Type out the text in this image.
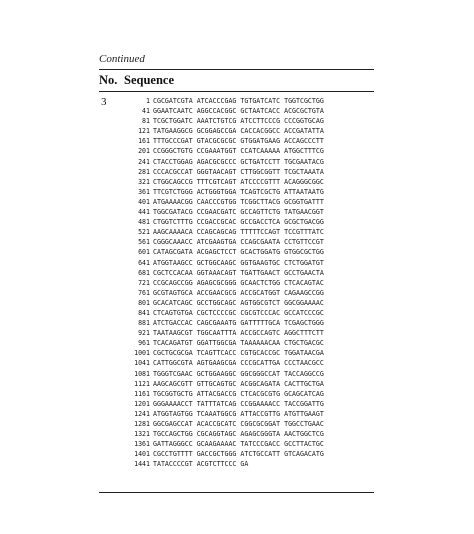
Continued
No. Sequence
3	1 CGCGATCGTA ATCACCCGAG TGTGATCATC TGGTCGCTGG
41 GGAATCAATC AGGCCACGGC GCTAATCACC ACGCGCTGTA
81 TCGCTGGATC AAATCTGTCG ATCCTTCCCG CCCGGTGCAG
121 TATGAAGGCG GCGGAGCCGA CACCACGGCC ACCGATATTA
161 TTTGCCCGAT GTACGCGCGC GTGGATGAAG ACCAGCCCTT
201 CCGGGCTGTG CCGAAATGGT CCATCAAAAA ATGGCTTTCG
241 CTACCTGGAG AGACGCGCCC GCTGATCCTT TGCGAATACG
281 CCCACGCCAT GGGTAACAGT CTTGGCGGTT TCGCTAAATA
321 CTGGCAGCCG TTTCGTCAGT ATCCCCGTTT ACAGGGCGGC
361 TTCGTCTGGG ACTGGGTGGA TCAGTCGCTG ATTAATAATG
401 ATGAAAACGG CAACCCGTGG TCGGCTTACG GCGGTGATTT
441 TGGCGATACG CCGAACGATC GCCAGTTCTG TATGAACGGT
481 CTGGTCTTTG CCGACCGCAC GCCGACCTCA GCGCTGACGG
521 AAGCAAAACA CCAGCAGCAG TTTTTCCAGT TCCGTTTATC
561 CGGGCAAACC ATCGAAGTGA CCAGCGAATA CCTGTTCCGT
601 CATAGCGATA ACGAGCTCCT GCACTGGATG GTGGCGCTGG
641 ATGGTAAGCC GCTGGCAAGC GGTGAAGTGC CTCTGGATGT
681 CGCTCCACAA GGTAAACAGT TGATTGAACT GCCTGAACTA
721 CCGCAGCCGG AGAGCGCGGG GCAACTCTGG CTCACAGTAC
761 GCGTAGTGCA ACCGAACGCG ACCGCATGGT CAGAAGCCGG
801 GCACATCAGC GCCTGGCAGC AGTGGCGTCT GGCGGAAAAC
841 CTCAGTGTGA CGCTCCCCGC CGCGTCCCAC GCCATCCCGC
881 ATCTGACCAC CAGCGAAATG GATTTTTGCA TCGAGCTGGG
921 TAATAAGCGT TGGCAATTTA ACCGCCAGTC AGGCTTTCTT
961 TCACAGATGT GGATTGGCGA TAAAAAACAA CTGCTGACGC
1001 CGCTGCGCGA TCAGTTCACC CGTGCACCGC TGGATAACGA
1041 CATTGGCGTA AGTGAAGCGA CCCGCATTGA CCCTAACGCC
1081 TGGGTCGAAC GCTGGAAGGC GGCGGGCCAT TACCAGGCCG
1121 AAGCAGCGTT GTTGCAGTGC ACGGCAGATA CACTTGCTGA
1161 TGCGGTGCTG ATTACGACCG CTCACGCGTG GCAGCATCAG
1201 GGGAAAACCT TATTTATCAG CCGGAAAACC TACCGGATTG
1241 ATGGTAGTGG TCAAATGGCG ATTACCGTTG ATGTTGAAGT
1281 GGCGAGCCAT ACACCGCATC CGGCGCGGAT TGGCCTGAAC
1321 TGCCAGCTGG CGCAGGTAGC AGAGCGGGTA AACTGGCTCG
1361 GATTAGGGCC GCAAGAAAAC TATCCCGACC GCCTTACTGC
1401 CGCCTGTTTT GACCGCTGGG ATCTGCCATT GTCAGACATG
1441 TATACCCCGT ACGTCTTCCC GA
